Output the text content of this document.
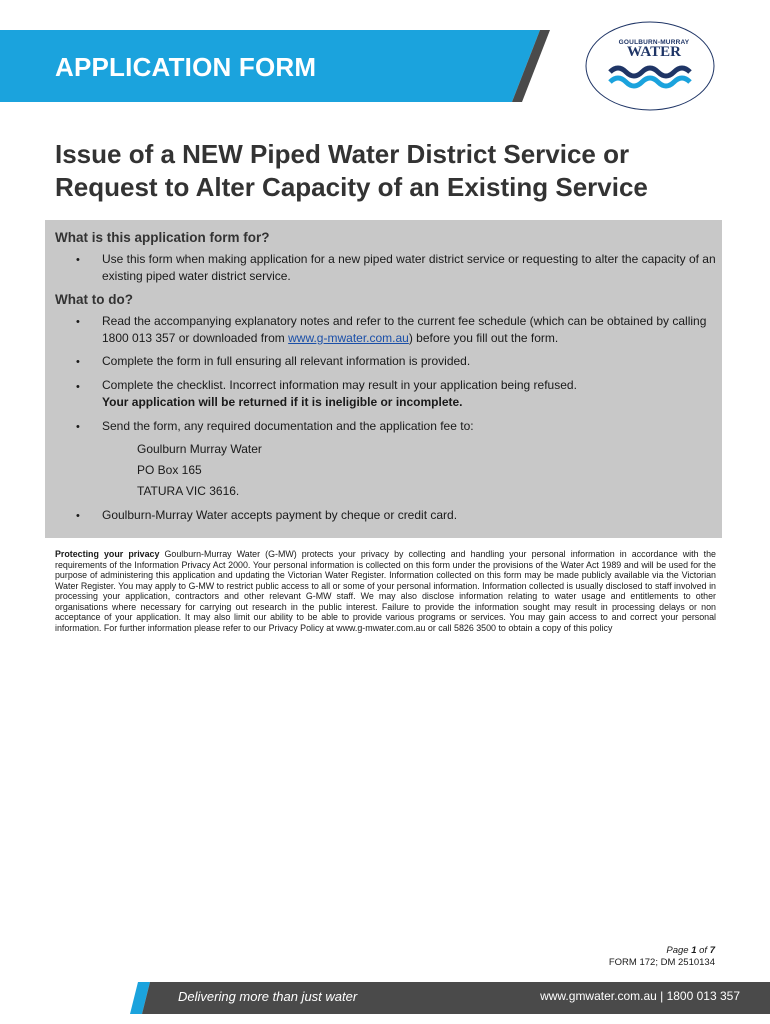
APPLICATION FORM
GOULBURN-MURRAY
WATER
Issue of a NEW Piped Water District Service or
Request to Alter Capacity of an Existing Service
What is this application form for?
• Use this form when making application for a new piped water district service or requesting to alter the capacity of an existing piped water district service.
What to do?
• Read the accompanying explanatory notes and refer to the current fee schedule (which can be obtained by calling 1800 013 357 or downloaded from www.g-mwater.com.au) before you fill out the form.
• Complete the form in full ensuring all relevant information is provided.
• Complete the checklist. Incorrect information may result in your application being refused.
Your application will be returned if it is ineligible or incomplete.
• Send the form, any required documentation and the application fee to:
Goulburn Murray Water
PO Box 165
TATURA VIC 3616.
• Goulburn-Murray Water accepts payment by cheque or credit card.
Protecting your privacy Goulburn-Murray Water (G-MW) protects your privacy by collecting and handling your personal information in accordance with the requirements of the Information Privacy Act 2000. Your personal information is collected on this form under the provisions of the Water Act 1989 and will be used for the purpose of administering this application and updating the Victorian Water Register. Information collected on this form may be made publicly available via the Victorian Water Register. You may apply to G-MW to restrict public access to all or some of your personal information. Information collected is usually disclosed to staff involved in processing your application, contractors and other relevant G-MW staff. We may also disclose information relating to water usage and entitlements to other organisations where necessary for carrying out research in the public interest. Failure to provide the information sought may result in processing delays or non acceptance of your application. It may also limit our ability to be able to provide various programs or services. You may gain access to and correct your personal information. For further information please refer to our Privacy Policy at www.g-mwater.com.au or call 5826 3500 to obtain a copy of this policy
Page 1 of 7
FORM 172; DM 2510134
Delivering more than just water	www.gmwater.com.au | 1800 013 357
